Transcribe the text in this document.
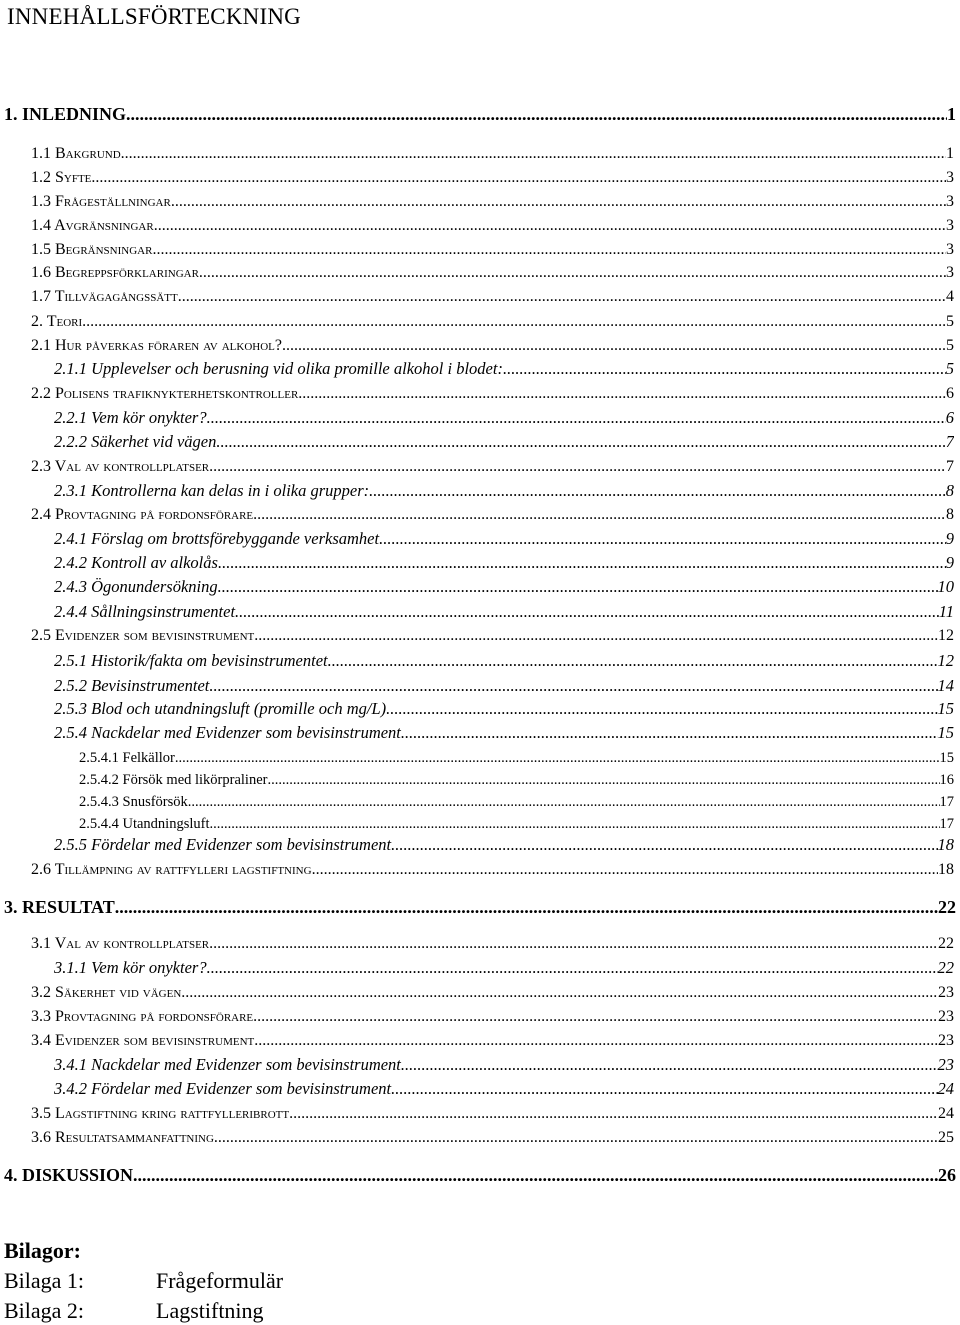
INNEHÅLLSFÖRTECKNING
1. INLEDNING .....	1
1.1 Bakgrund .....	1
1.2 Syfte .....	3
1.3 Frågeställningar .....	3
1.4 Avgränsningar .....	3
1.5 Begränsningar .....	3
1.6 Begreppsförklaringar .....	3
1.7 Tillvägagångssätt .....	4
2. Teori .....	5
2.1 Hur påverkas föraren av alkohol? .....	5
2.1.1 Upplevelser och berusning vid olika promille alkohol i blodet: .....	5
2.2 Polisens trafiknykterhetskontroller .....	6
2.2.1 Vem kör onykter? .....	6
2.2.2 Säkerhet vid vägen .....	7
2.3 Val av kontrollplatser .....	7
2.3.1 Kontrollerna kan delas in i olika grupper: .....	8
2.4 Provtagning på fordonsförare .....	8
2.4.1 Förslag om brottsförebyggande verksamhet .....	9
2.4.2 Kontroll av alkolås .....	9
2.4.3 Ögonundersökning .....	10
2.4.4 Sållningsinstrumentet .....	11
2.5 Evidenzer som bevisinstrument .....	12
2.5.1 Historik/fakta om bevisinstrumentet .....	12
2.5.2 Bevisinstrumentet .....	14
2.5.3 Blod och utandningsluft (promille och mg/L) .....	15
2.5.4 Nackdelar med Evidenzer som bevisinstrument .....	15
2.5.4.1 Felkällor .....	15
2.5.4.2 Försök med likörpraliner .....	16
2.5.4.3 Snusförsök .....	17
2.5.4.4 Utandningsluft .....	17
2.5.5 Fördelar med Evidenzer som bevisinstrument .....	18
2.6 Tillämpning av rattfylleri lagstiftning .....	18
3. RESULTAT .....	22
3.1 Val av kontrollplatser .....	22
3.1.1 Vem kör onykter? .....	22
3.2 Säkerhet vid vägen .....	23
3.3 Provtagning på fordonsförare .....	23
3.4 Evidenzer som bevisinstrument .....	23
3.4.1 Nackdelar med Evidenzer som bevisinstrument .....	23
3.4.2 Fördelar med Evidenzer som bevisinstrument .....	24
3.5 Lagstiftning kring rattfylleribrott .....	24
3.6 Resultatsammanfattning .....	25
4. DISKUSSION .....	26
Bilagor:
Bilaga 1:	Frågeformulär
Bilaga 2:	Lagstiftning
